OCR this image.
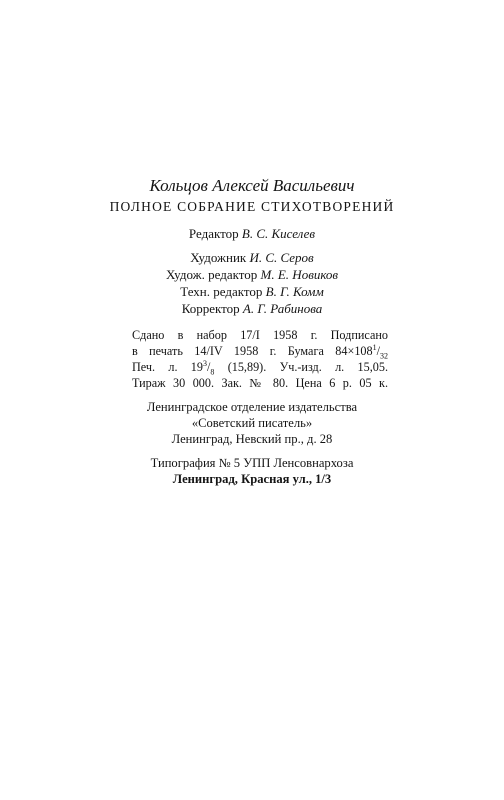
Кольцов Алексей Васильевич
ПОЛНОЕ СОБРАНИЕ СТИХОТВОРЕНИЙ
Редактор В. С. Киселев
Художник И. С. Серов
Худож. редактор М. Е. Новиков
Техн. редактор В. Г. Комм
Корректор А. Г. Рабинова
Сдано в набор 17/I 1958 г. Подписано
в печать 14/IV 1958 г. Бумага $84\times 108^1/_{32}$
Печ. л. $19^3/_8$ (15,89). Уч.-изд. л. 15,05.
Тираж 30 000. Зак. № 80. Цена 6 р. 05 к.
Ленинградское отделение издательства
«Советский писатель»
Ленинград, Невский пр., д. 28
Типография № 5 УПП Ленсовнархоза
Ленинград, Красная ул., 1/3
